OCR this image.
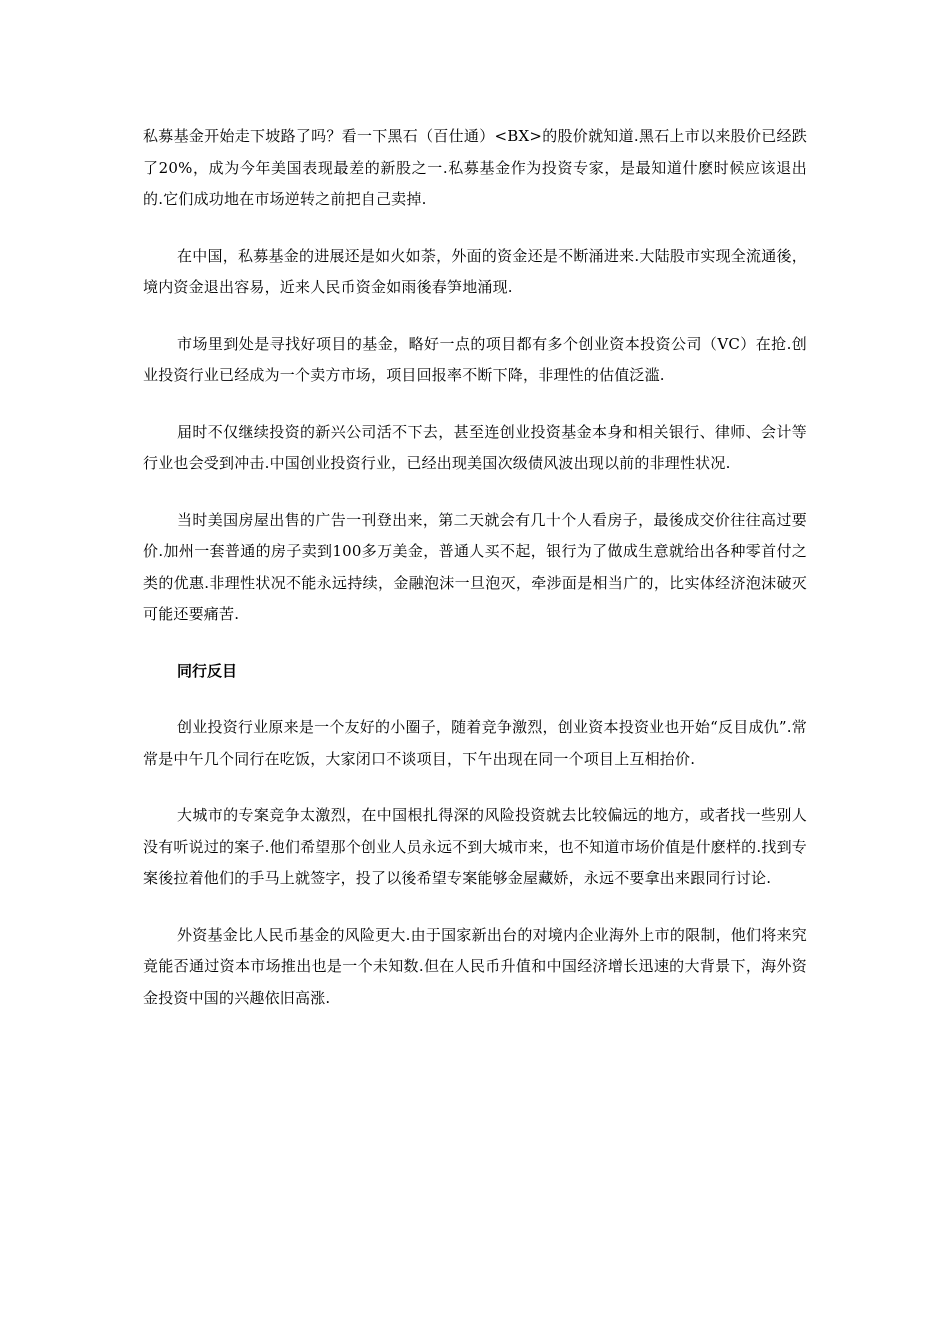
私募基金开始走下坡路了吗？看一下黑石（百仕通）<BX>的股价就知道.黑石上市以来股价已经跌了20%，成为今年美国表现最差的新股之一.私募基金作为投资专家，是最知道什麽时候应该退出的.它们成功地在市场逆转之前把自己卖掉.

在中国，私募基金的进展还是如火如荼，外面的资金还是不断涌进来.大陆股市实现全流通後，境内资金退出容易，近来人民币资金如雨後春笋地涌现.

市场里到处是寻找好项目的基金，略好一点的项目都有多个创业资本投资公司（VC）在抢.创业投资行业已经成为一个卖方市场，项目回报率不断下降，非理性的估值泛滥.

届时不仅继续投资的新兴公司活不下去，甚至连创业投资基金本身和相关银行、律师、会计等行业也会受到冲击.中国创业投资行业，已经出现美国次级债风波出现以前的非理性状况.

当时美国房屋出售的广告一刊登出来，第二天就会有几十个人看房子，最後成交价往往高过要价.加州一套普通的房子卖到100多万美金，普通人买不起，银行为了做成生意就给出各种零首付之类的优惠.非理性状况不能永远持续，金融泡沫一旦泡灭，牵涉面是相当广的，比实体经济泡沫破灭可能还要痛苦.

同行反目

创业投资行业原来是一个友好的小圈子，随着竞争激烈，创业资本投资业也开始“反目成仇”.常常是中午几个同行在吃饭，大家闭口不谈项目，下午出现在同一个项目上互相抬价.

大城市的专案竞争太激烈，在中国根扎得深的风险投资就去比较偏远的地方，或者找一些别人没有听说过的案子.他们希望那个创业人员永远不到大城市来，也不知道市场价值是什麽样的.找到专案後拉着他们的手马上就签字，投了以後希望专案能够金屋藏娇，永远不要拿出来跟同行讨论.

外资基金比人民币基金的风险更大.由于国家新出台的对境内企业海外上市的限制，他们将来究竟能否通过资本市场推出也是一个未知数.但在人民币升值和中国经济增长迅速的大背景下，海外资金投资中国的兴趣依旧高涨.
